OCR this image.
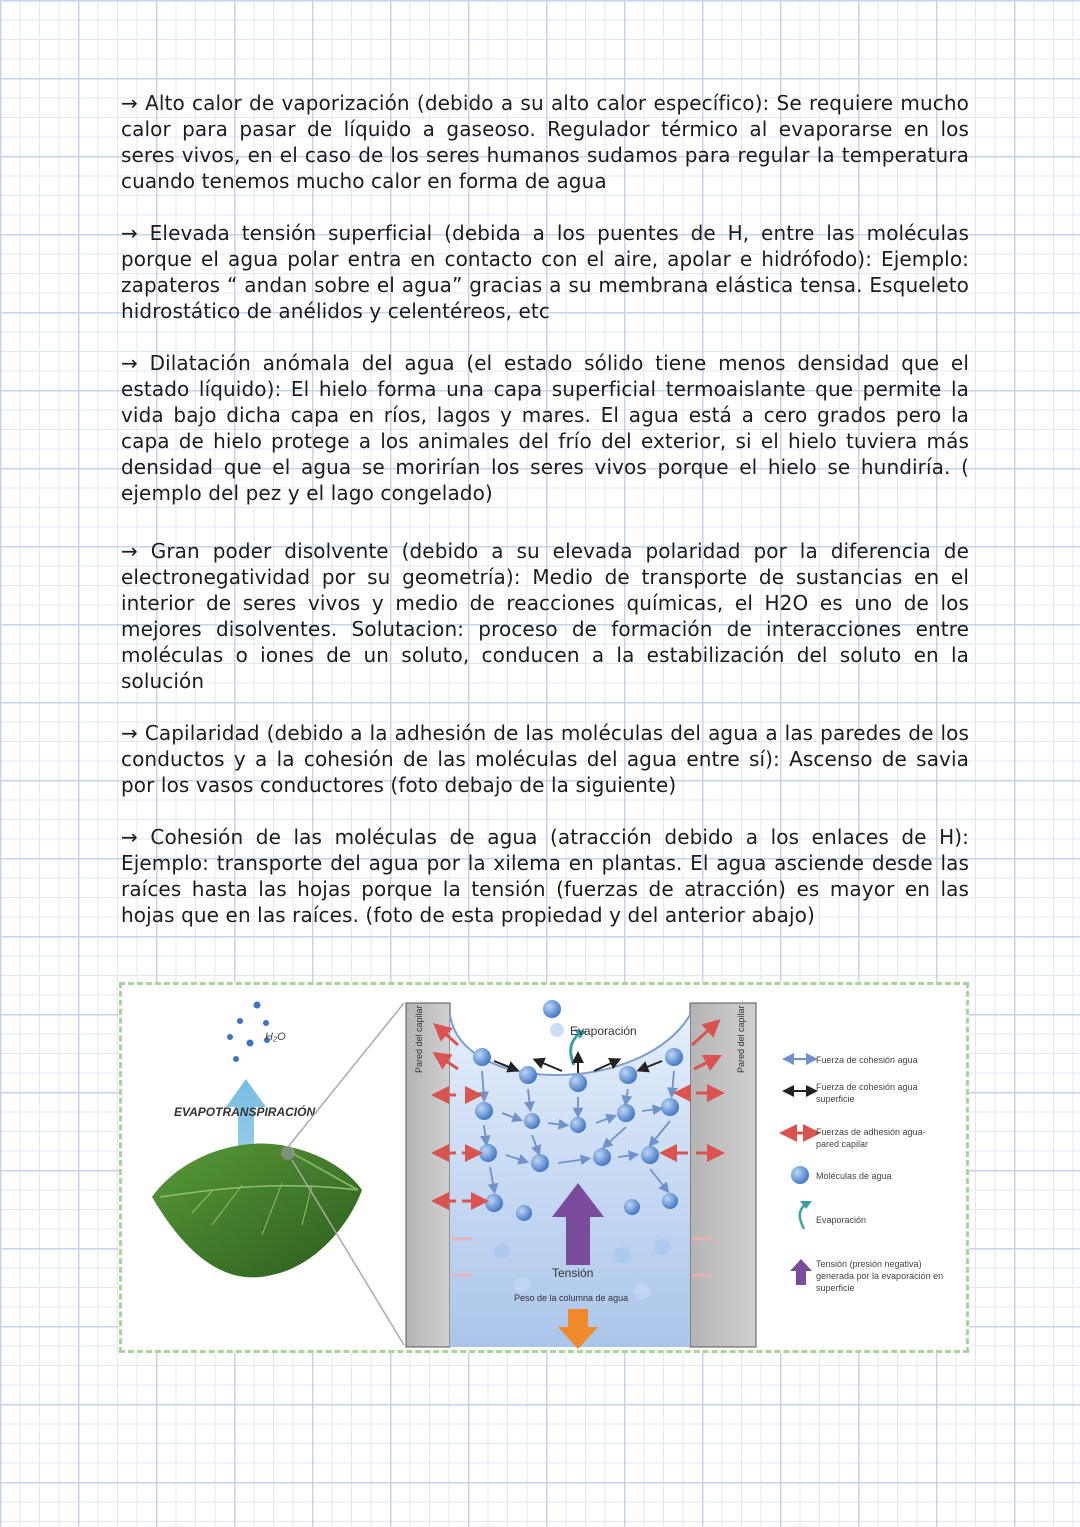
→ Alto calor de vaporización (debido a su alto calor específico): Se requiere mucho calor para pasar de líquido a gaseoso. Regulador térmico al evaporarse en los seres vivos, en el caso de los seres humanos sudamos para regular la temperatura cuando tenemos mucho calor en forma de agua

→ Elevada tensión superficial (debida a los puentes de H, entre las moléculas porque el agua polar entra en contacto con el aire, apolar e hidrófodo): Ejemplo: zapateros “ andan sobre el agua” gracias a su membrana elástica tensa. Esqueleto hidrostático de anélidos y celentéreos, etc

→ Dilatación anómala del agua (el estado sólido tiene menos densidad que el estado líquido): El hielo forma una capa superficial termoaislante que permite la vida bajo dicha capa en ríos, lagos y mares. El agua está a cero grados pero la capa de hielo protege a los animales del frío del exterior, si el hielo tuviera más densidad que el agua se morirían los seres vivos porque el hielo se hundiría. ( ejemplo del pez y el lago congelado)

→ Gran poder disolvente (debido a su elevada polaridad por la diferencia de electronegatividad por su geometría): Medio de transporte de sustancias en el interior de seres vivos y medio de reacciones químicas, el H2O es uno de los mejores disolventes. Solutacion: proceso de formación de interacciones entre moléculas o iones de un soluto, conducen a la estabilización del soluto en la solución

→ Capilaridad (debido a la adhesión de las moléculas del agua a las paredes de los conductos y a la cohesión de las moléculas del agua entre sí): Ascenso de savia por los vasos conductores (foto debajo de la siguiente)

→ Cohesión de las moléculas de agua (atracción debido a los enlaces de H): Ejemplo: transporte del agua por la xilema en plantas. El agua asciende desde las raíces hasta las hojas porque la tensión (fuerzas de atracción) es mayor en las hojas que en las raíces. (foto de esta propiedad y del anterior abajo)

H₂O
EVAPOTRANSPIRACIÓN
Pared del capilar	Pared del capilar
Evaporación
Tensión
Peso de la columna de agua
Fuerza de cohesión agua
Fuerza de cohesión agua
superficie
Fuerzas de adhesión agua-
pared capilar
Moléculas de agua
Evaporación
Tensión (presión negativa)
generada por la evaporación en
superficie
